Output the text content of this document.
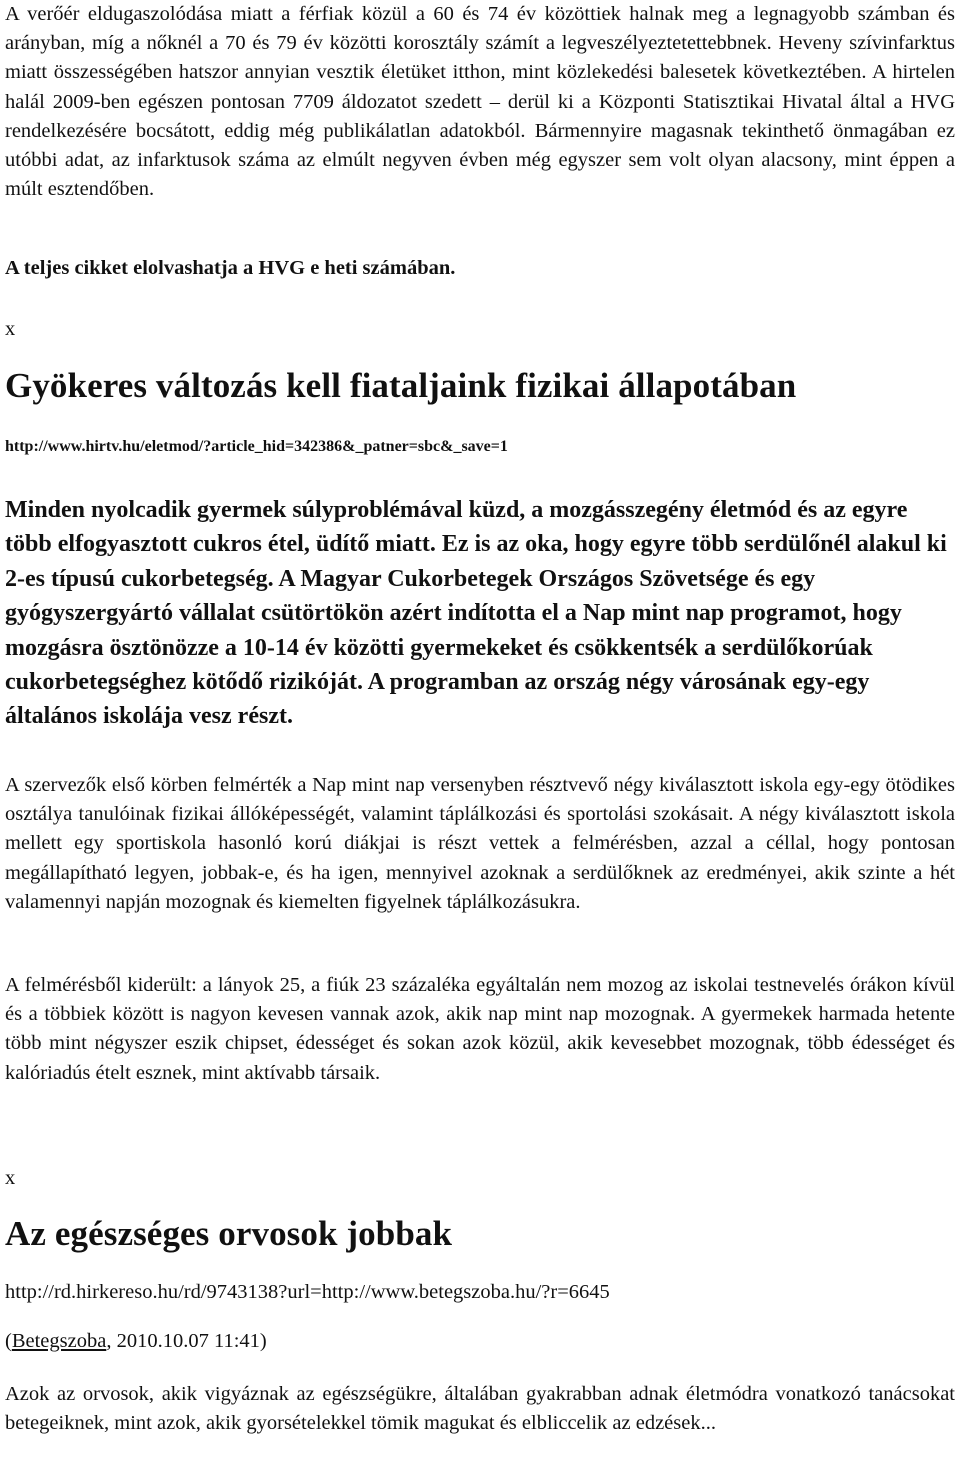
A verőér eldugaszolódása miatt a férfiak közül a 60 és 74 év közöttiek halnak meg a legnagyobb számban és arányban, míg a nőknél a 70 és 79 év közötti korosztály számít a legveszélyeztetettebbnek. Heveny szívinfarktus miatt összességében hatszor annyian vesztik életüket itthon, mint közlekedési balesetek következtében. A hirtelen halál 2009-ben egészen pontosan 7709 áldozatot szedett – derül ki a Központi Statisztikai Hivatal által a HVG rendelkezésére bocsátott, eddig még publikálatlan adatokból. Bármennyire magasnak tekinthető önmagában ez utóbbi adat, az infarktusok száma az elmúlt negyven évben még egyszer sem volt olyan alacsony, mint éppen a múlt esztendőben.

A teljes cikket elolvashatja a HVG e heti számában.

x
Gyökeres változás kell fiataljaink fizikai állapotában
http://www.hirtv.hu/eletmod/?article_hid=342386&_patner=sbc&_save=1

Minden nyolcadik gyermek súlyproblémával küzd, a mozgásszegény életmód és az egyre több elfogyasztott cukros étel, üdítő miatt. Ez is az oka, hogy egyre több serdülőnél alakul ki 2-es típusú cukorbetegség. A Magyar Cukorbetegek Országos Szövetsége és egy gyógyszergyártó vállalat csütörtökön azért indította el a Nap mint nap programot, hogy mozgásra ösztönözze a 10-14 év közötti gyermekeket és csökkentsék a serdülőkorúak cukorbetegséghez kötődő rizikóját. A programban az ország négy városának egy-egy általános iskolája vesz részt.

A szervezők első körben felmérték a Nap mint nap versenyben résztvevő négy kiválasztott iskola egy-egy ötödikes osztálya tanulóinak fizikai állóképességét, valamint táplálkozási és sportolási szokásait. A négy kiválasztott iskola mellett egy sportiskola hasonló korú diákjai is részt vettek a felmérésben, azzal a céllal, hogy pontosan megállapítható legyen, jobbak-e, és ha igen, mennyivel azoknak a serdülőknek az eredményei, akik szinte a hét valamennyi napján mozognak és kiemelten figyelnek táplálkozásukra.

A felmérésből kiderült: a lányok 25, a fiúk 23 százaléka egyáltalán nem mozog az iskolai testnevelés órákon kívül és a többiek között is nagyon kevesen vannak azok, akik nap mint nap mozognak. A gyermekek harmada hetente több mint négyszer eszik chipset, édességet és sokan azok közül, akik kevesebbet mozognak, több édességet és kalóriadús ételt esznek, mint aktívabb társaik.

x
Az egészséges orvosok jobbak
http://rd.hirkereso.hu/rd/9743138?url=http://www.betegszoba.hu/?r=6645
(Betegszoba, 2010.10.07 11:41)

Azok az orvosok, akik vigyáznak az egészségükre, általában gyakrabban adnak életmódra vonatkozó tanácsokat betegeiknek, mint azok, akik gyorsételekkel tömik magukat és elbliccelik az edzések...
